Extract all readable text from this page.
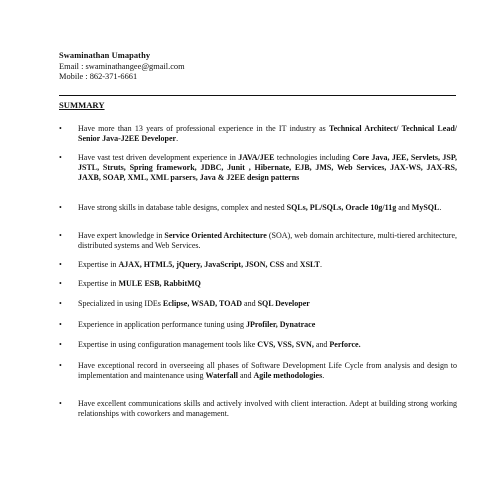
Swaminathan Umapathy
Email : swaminathangee@gmail.com
Mobile : 862-371-6661
SUMMARY
•	Have more than 13 years of professional experience in the IT industry as Technical Architect/ Technical Lead/ Senior Java-J2EE Developer.
•	Have vast test driven development experience in JAVA/JEE technologies including Core Java, JEE, Servlets, JSP, JSTL, Struts, Spring framework, JDBC, Junit , Hibernate, EJB, JMS, Web Services, JAX-WS, JAX-RS, JAXB, SOAP, XML, XML parsers, Java & J2EE design patterns
•	Have strong skills in database table designs, complex and nested SQLs, PL/SQLs, Oracle 10g/11g and MySQL.
•	Have expert knowledge in Service Oriented Architecture (SOA), web domain architecture, multi-tiered architecture, distributed systems and Web Services.
•	Expertise in AJAX, HTML5, jQuery, JavaScript, JSON, CSS and XSLT.
•	Expertise in MULE ESB, RabbitMQ
•	Specialized in using IDEs Eclipse, WSAD, TOAD and SQL Developer
•	Experience in application performance tuning using JProfiler, Dynatrace
•	Expertise in using configuration management tools like CVS, VSS, SVN, and Perforce.
•	Have exceptional record in overseeing all phases of Software Development Life Cycle from analysis and design to implementation and maintenance using Waterfall and Agile methodologies.
•	Have excellent communications skills and actively involved with client interaction. Adept at building strong working relationships with coworkers and management.
